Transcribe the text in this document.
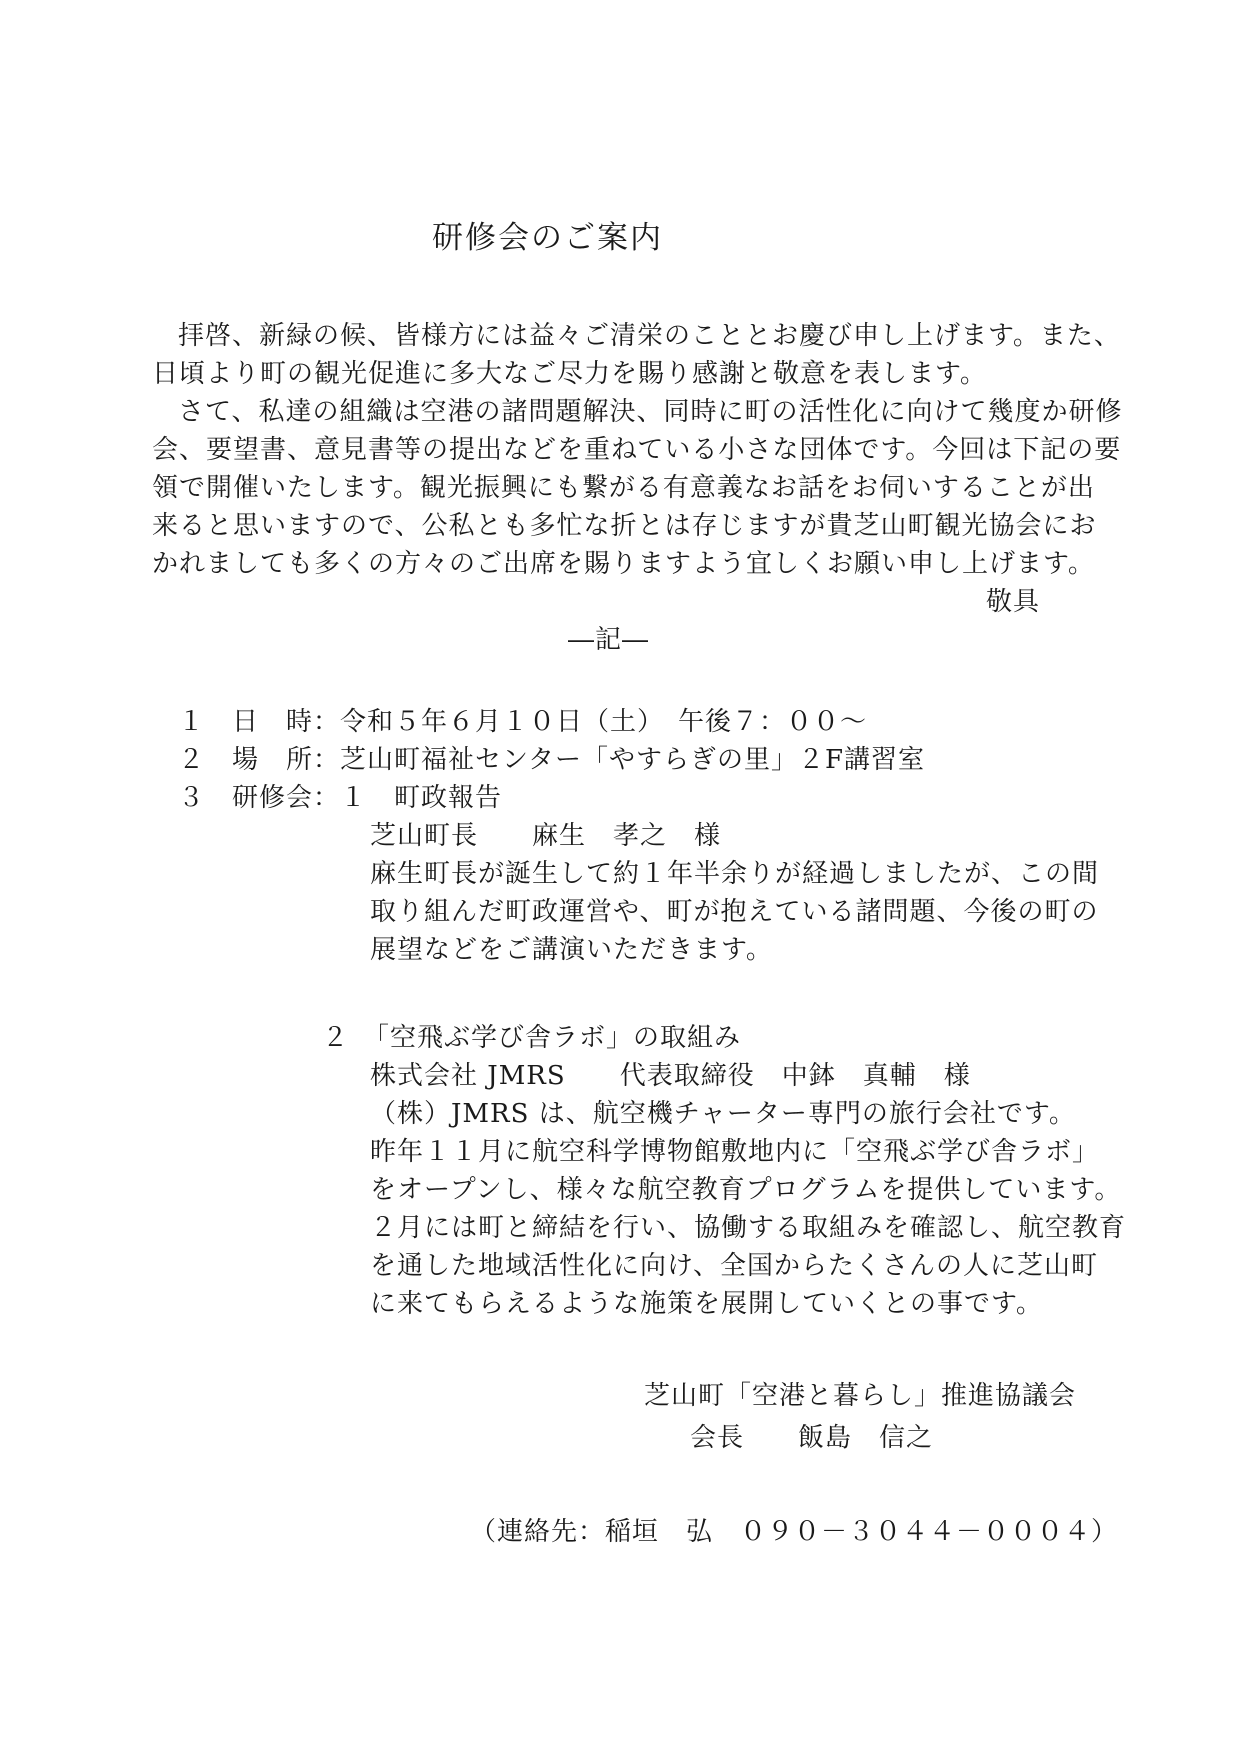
研修会のご案内
拝啓、新緑の候、皆様方には益々ご清栄のこととお慶び申し上げます。また、
日頃より町の観光促進に多大なご尽力を賜り感謝と敬意を表します。
さて、私達の組織は空港の諸問題解決、同時に町の活性化に向けて幾度か研修
会、要望書、意見書等の提出などを重ねている小さな団体です。今回は下記の要
領で開催いたします。観光振興にも繋がる有意義なお話をお伺いすることが出
来ると思いますので、公私とも多忙な折とは存じますが貴芝山町観光協会にお
かれましても多くの方々のご出席を賜りますよう宜しくお願い申し上げます。
敬具
―記―
１　日　時：令和５年６月１０日（土）　午後７：００～
２　場　所：芝山町福祉センター「やすらぎの里」２F講習室
３　研修会：１　町政報告
芝山町長　　麻生　孝之　様
麻生町長が誕生して約１年半余りが経過しましたが、この間
取り組んだ町政運営や、町が抱えている諸問題、今後の町の
展望などをご講演いただきます。
２　「空飛ぶ学び舎ラボ」の取組み
株式会社 JMRS　　代表取締役　中鉢　真輔　様
（株）JMRS は、航空機チャーター専門の旅行会社です。
昨年１１月に航空科学博物館敷地内に「空飛ぶ学び舎ラボ」
をオープンし、様々な航空教育プログラムを提供しています。
２月には町と締結を行い、協働する取組みを確認し、航空教育
を通した地域活性化に向け、全国からたくさんの人に芝山町
に来てもらえるような施策を展開していくとの事です。
芝山町「空港と暮らし」推進協議会
会長　　飯島　信之
（連絡先：稲垣　弘　０９０－３０４４－０００４）
